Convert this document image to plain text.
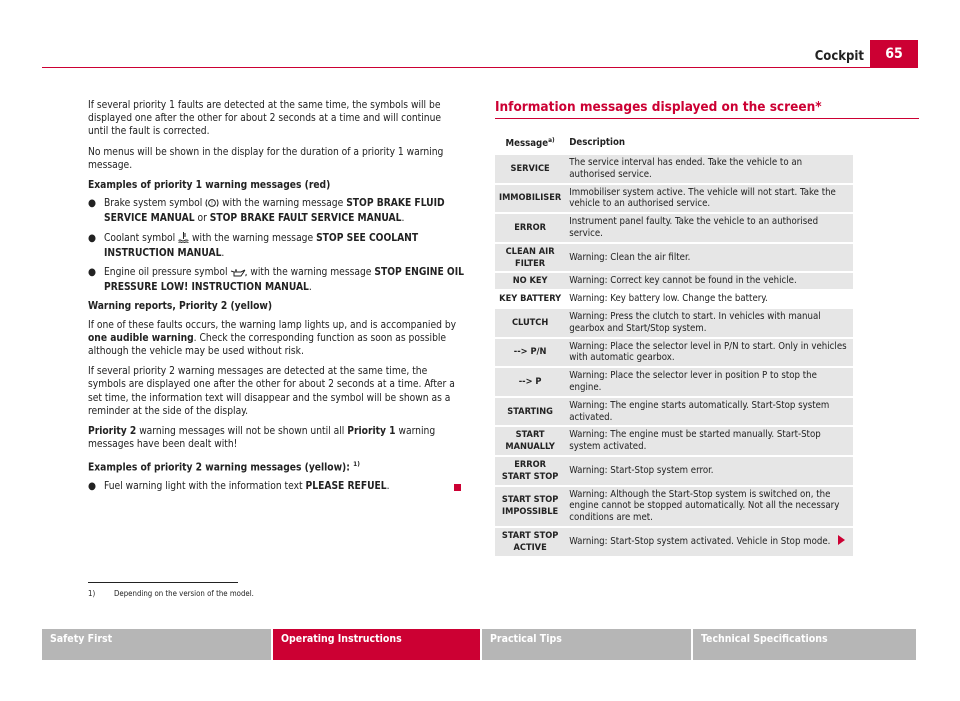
Cockpit	65

If several priority 1 faults are detected at the same time, the symbols will be displayed one after the other for about 2 seconds at a time and will continue until the fault is corrected.

No menus will be shown in the display for the duration of a priority 1 warning message.

Examples of priority 1 warning messages (red)

● Brake system symbol ! with the warning message STOP BRAKE FLUID SERVICE MANUAL or STOP BRAKE FAULT SERVICE MANUAL.
● Coolant symbol with the warning message STOP SEE COOLANT INSTRUCTION MANUAL.
● Engine oil pressure symbol with the warning message STOP ENGINE OIL PRESSURE LOW! INSTRUCTION MANUAL.

Warning reports, Priority 2 (yellow)

If one of these faults occurs, the warning lamp lights up, and is accompanied by one audible warning. Check the corresponding function as soon as possible although the vehicle may be used without risk.

If several priority 2 warning messages are detected at the same time, the symbols are displayed one after the other for about 2 seconds at a time. After a set time, the information text will disappear and the symbol will be shown as a reminder at the side of the display.

Priority 2 warning messages will not be shown until all Priority 1 warning messages have been dealt with!

Examples of priority 2 warning messages (yellow): $^{1)}$

● Fuel warning light with the information text PLEASE REFUEL.
Information messages displayed on the screen*
Message$^{a)}$	Description
SERVICE	The service interval has ended. Take the vehicle to an authorised service.
IMMOBILISER	Immobiliser system active. The vehicle will not start. Take the vehicle to an authorised service.
ERROR	Instrument panel faulty. Take the vehicle to an authorised service.
CLEAN AIR FILTER	Warning: Clean the air filter.
NO KEY	Warning: Correct key cannot be found in the vehicle.
KEY BATTERY	Warning: Key battery low. Change the battery.
CLUTCH	Warning: Press the clutch to start. In vehicles with manual gearbox and Start/Stop system.
--> P/N	Warning: Place the selector level in P/N to start. Only in vehicles with automatic gearbox.
--> P	Warning: Place the selector lever in position P to stop the engine.
STARTING	Warning: The engine starts automatically. Start-Stop system activated.
START MANUALLY	Warning: The engine must be started manually. Start-Stop system activated.
ERROR START STOP	Warning: Start-Stop system error.
START STOP IMPOSSIBLE	Warning: Although the Start-Stop system is switched on, the engine cannot be stopped automatically. Not all the necessary conditions are met.
START STOP ACTIVE	Warning: Start-Stop system activated. Vehicle in Stop mode.
1) Depending on the version of the model.
Safety First	Operating Instructions	Practical Tips	Technical Specifications
